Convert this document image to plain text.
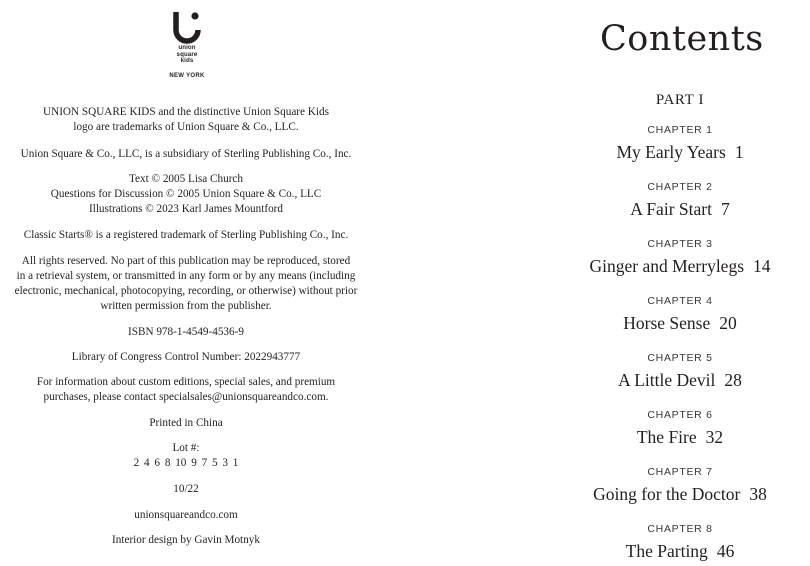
union
square
kids
NEW YORK
UNION SQUARE KIDS and the distinctive Union Square Kids
logo are trademarks of Union Square & Co., LLC.
Union Square & Co., LLC, is a subsidiary of Sterling Publishing Co., Inc.
Text © 2005 Lisa Church
Questions for Discussion © 2005 Union Square & Co., LLC
Illustrations © 2023 Karl James Mountford
Classic Starts® is a registered trademark of Sterling Publishing Co., Inc.
All rights reserved. No part of this publication may be reproduced, stored
in a retrieval system, or transmitted in any form or by any means (including
electronic, mechanical, photocopying, recording, or otherwise) without prior
written permission from the publisher.
ISBN 978-1-4549-4536-9
Library of Congress Control Number: 2022943777
For information about custom editions, special sales, and premium
purchases, please contact specialsales@unionsquareandco.com.
Printed in China
Lot #:
2 4 6 8 10 9 7 5 3 1
10/22
unionsquareandco.com
Interior design by Gavin Motnyk
Contents
PART I
CHAPTER 1
My Early Years 1
CHAPTER 2
A Fair Start 7
CHAPTER 3
Ginger and Merrylegs 14
CHAPTER 4
Horse Sense 20
CHAPTER 5
A Little Devil 28
CHAPTER 6
The Fire 32
CHAPTER 7
Going for the Doctor 38
CHAPTER 8
The Parting 46
